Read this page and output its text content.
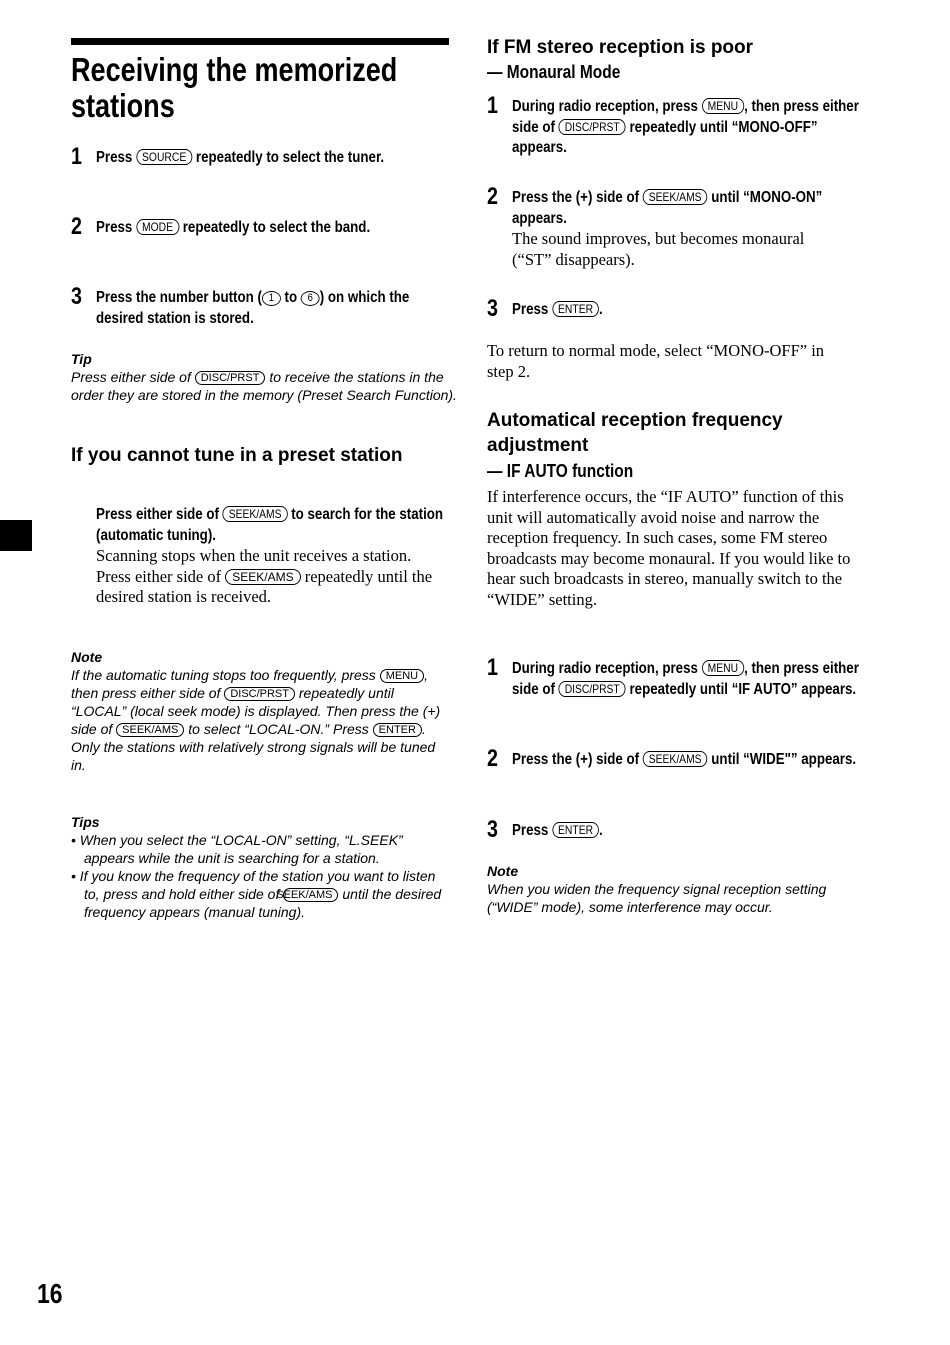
16
Receiving the memorized stations
1 Press SOURCE repeatedly to select the tuner.
2 Press MODE repeatedly to select the band.
3 Press the number button ( 1 to 6 ) on which the desired station is stored.
Tip
Press either side of DISC/PRST to receive the stations in the order they are stored in the memory (Preset Search Function).
If you cannot tune in a preset station
Press either side of SEEK/AMS to search for the station (automatic tuning).
Scanning stops when the unit receives a station. Press either side of SEEK/AMS repeatedly until the desired station is received.
Note
If the automatic tuning stops too frequently, press MENU , then press either side of DISC/PRST repeatedly until “LOCAL” (local seek mode) is displayed. Then press the (+) side of SEEK/AMS to select “LOCAL-ON.” Press ENTER .
Only the stations with relatively strong signals will be tuned in.
Tips
• When you select the “LOCAL-ON” setting, “L.SEEK” appears while the unit is searching for a station.
• If you know the frequency of the station you want to listen to, press and hold either side of SEEK/AMS until the desired frequency appears (manual tuning).
If FM stereo reception is poor
— Monaural Mode
1 During radio reception, press MENU , then press either side of DISC/PRST repeatedly until “MONO-OFF” appears.
2 Press the (+) side of SEEK/AMS until “MONO-ON” appears.
The sound improves, but becomes monaural (“ST” disappears).
3 Press ENTER .
To return to normal mode, select “MONO-OFF” in step 2.
Automatical reception frequency adjustment
— IF AUTO function
If interference occurs, the “IF AUTO” function of this unit will automatically avoid noise and narrow the reception frequency. In such cases, some FM stereo broadcasts may become monaural. If you would like to hear such broadcasts in stereo, manually switch to the “WIDE” setting.
1 During radio reception, press MENU , then press either side of DISC/PRST repeatedly until “IF AUTO” appears.
2 Press the (+) side of SEEK/AMS until “WIDE"” appears.
3 Press ENTER .
Note
When you widen the frequency signal reception setting (“WIDE” mode), some interference may occur.
